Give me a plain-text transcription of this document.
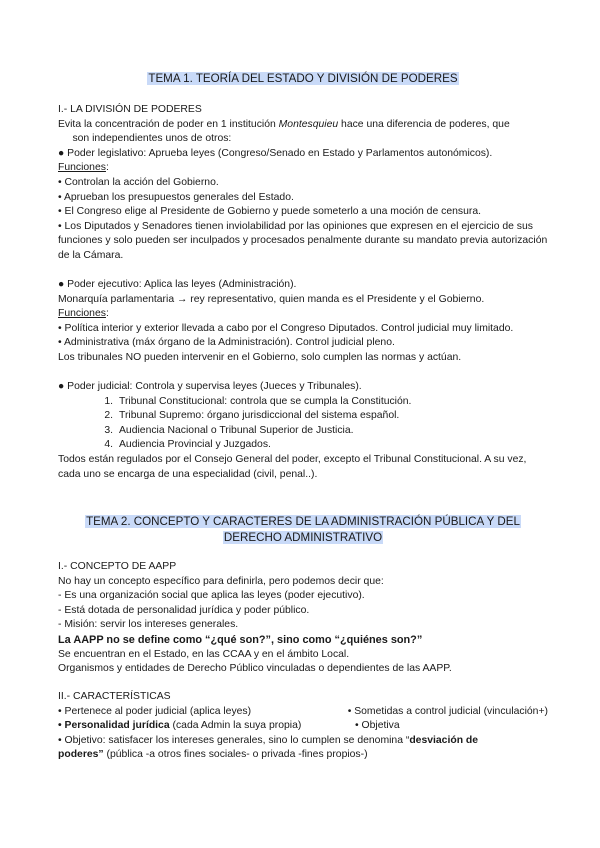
TEMA 1. TEORÍA DEL ESTADO Y DIVISIÓN DE PODERES
I.- LA DIVISIÓN DE PODERES
Evita la concentración de poder en 1 institución Montesquieu hace una diferencia de poderes, que
son independientes unos de otros:
● Poder legislativo: Aprueba leyes (Congreso/Senado en Estado y Parlamentos autonómicos).
Funciones:
• Controlan la acción del Gobierno.
• Aprueban los presupuestos generales del Estado.
• El Congreso elige al Presidente de Gobierno y puede someterlo a una moción de censura.
• Los Diputados y Senadores tienen inviolabilidad por las opiniones que expresen en el ejercicio de sus funciones y solo pueden ser inculpados y procesados penalmente durante su mandato previa autorización de la Cámara.
● Poder ejecutivo: Aplica las leyes (Administración).
Monarquía parlamentaria → rey representativo, quien manda es el Presidente y el Gobierno.
Funciones:
• Política interior y exterior llevada a cabo por el Congreso Diputados. Control judicial muy limitado.
• Administrativa (máx órgano de la Administración). Control judicial pleno.
Los tribunales NO pueden intervenir en el Gobierno, solo cumplen las normas y actúan.
● Poder judicial: Controla y supervisa leyes (Jueces y Tribunales).
1. Tribunal Constitucional: controla que se cumpla la Constitución.
2. Tribunal Supremo: órgano jurisdiccional del sistema español.
3. Audiencia Nacional o Tribunal Superior de Justicia.
4. Audiencia Provincial y Juzgados.
Todos están regulados por el Consejo General del poder, excepto el Tribunal Constitucional. A su vez, cada uno se encarga de una especialidad (civil, penal..).
TEMA 2. CONCEPTO Y CARACTERES DE LA ADMINISTRACIÓN PÚBLICA Y DEL
DERECHO ADMINISTRATIVO
I.- CONCEPTO DE AAPP
No hay un concepto específico para definirla, pero podemos decir que:
- Es una organización social que aplica las leyes (poder ejecutivo).
- Está dotada de personalidad jurídica y poder público.
- Misión: servir los intereses generales.
La AAPP no se define como “¿qué son?”, sino como “¿quiénes son?”
Se encuentran en el Estado, en las CCAA y en el ámbito Local.
Organismos y entidades de Derecho Público vinculadas o dependientes de las AAPP.
II.- CARACTERÍSTICAS
• Pertenece al poder judicial (aplica leyes)	• Sometidas a control judicial (vinculación+)
• Personalidad jurídica (cada Admin la suya propia)	• Objetiva
• Objetivo: satisfacer los intereses generales, sino lo cumplen se denomina “desviación de
poderes” (pública -a otros fines sociales- o privada -fines propios-)
